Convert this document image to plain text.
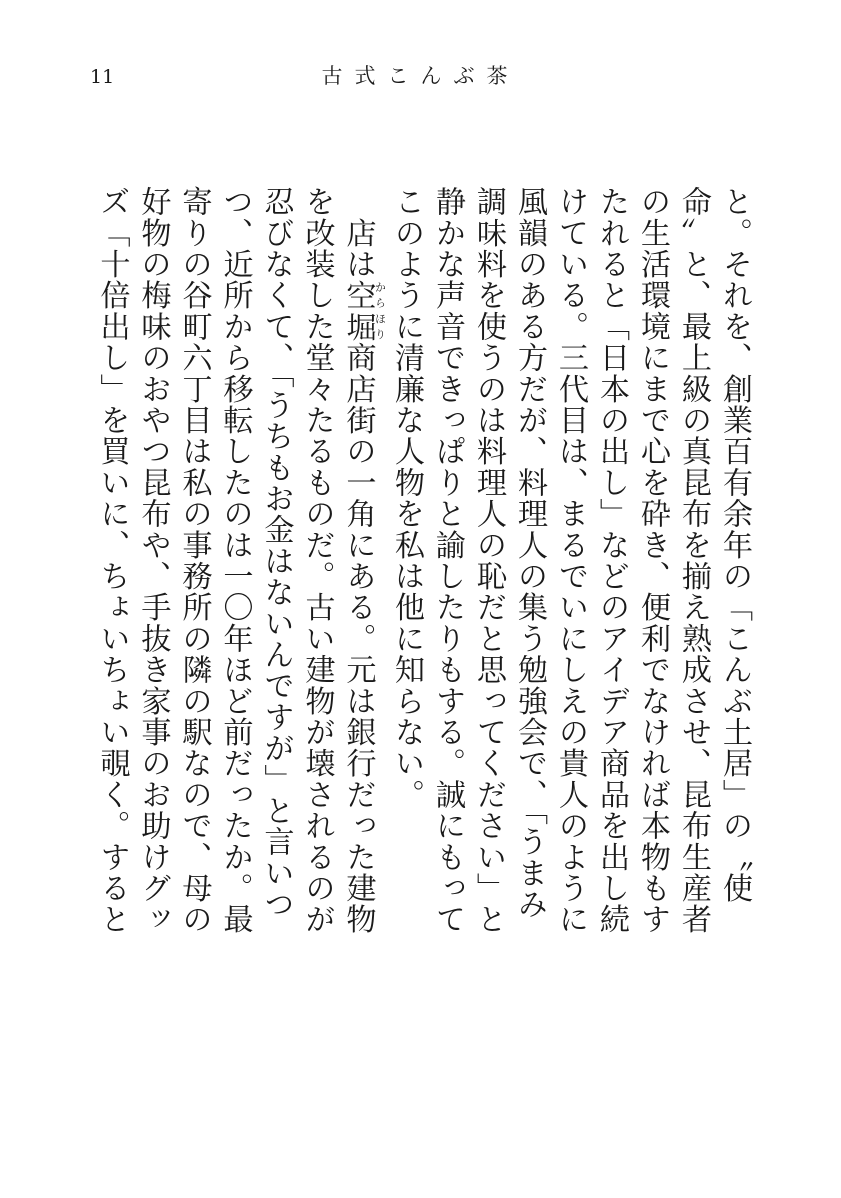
11	古式こんぶ茶
と。それを、創業百有余年の「こんぶ土居」の〝使
命〟と、最上級の真昆布を揃え熟成させ、昆布生産者
の生活環境にまで心を砕き、便利でなければ本物もす
たれると「日本の出し」などのアイデア商品を出し続
けている。三代目は、まるでいにしえの貴人のように
風韻のある方だが、料理人の集う勉強会で、「うまみ
調味料を使うのは料理人の恥だと思ってください」と
静かな声音できっぱりと諭したりもする。誠にもって
このように清廉な人物を私は他に知らない。
　店は空堀からほり商店街の一角にある。元は銀行だった建物
を改装した堂々たるものだ。古い建物が壊されるのが
忍びなくて、「うちもお金はないんですが」と言いつ
つ、近所から移転したのは一〇年ほど前だったか。最
寄りの谷町六丁目は私の事務所の隣の駅なので、母の
好物の梅味のおやつ昆布や、手抜き家事のお助けグッ
ズ「十倍出し」を買いに、ちょいちょい覗く。すると
